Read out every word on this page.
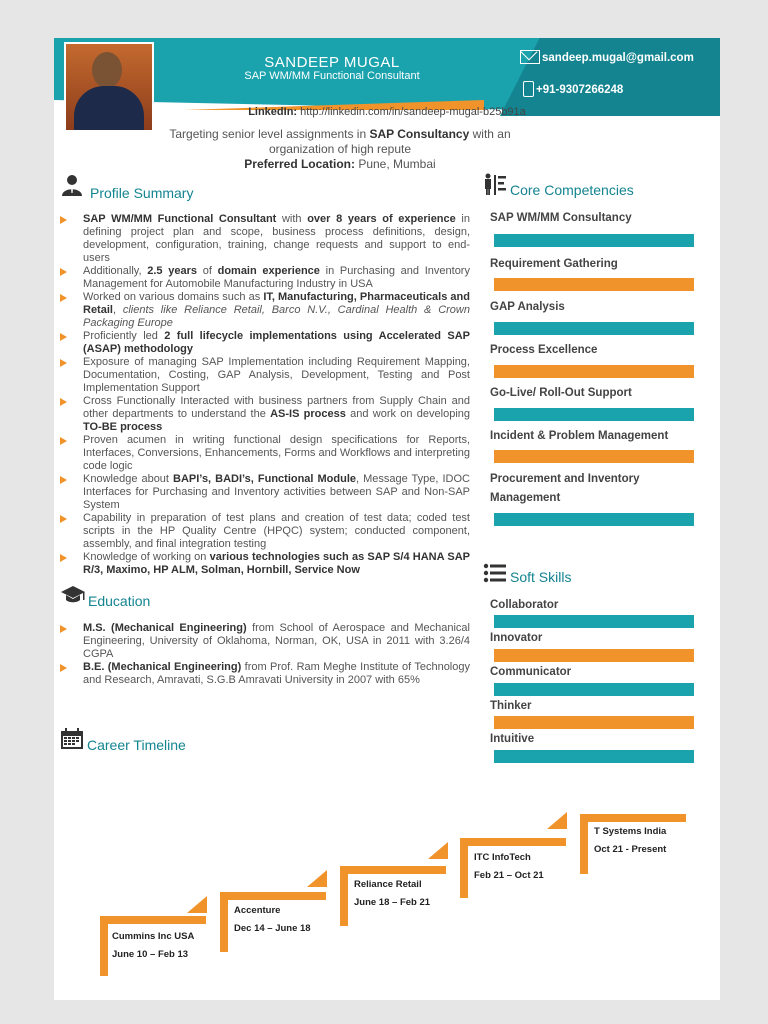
SANDEEP MUGAL
SAP WM/MM Functional Consultant
sandeep.mugal@gmail.com
+91-9307266248
LinkedIn: http://linkedin.com/in/sandeep-mugal-b25b91a
Targeting senior level assignments in SAP Consultancy with an organization of high repute
Preferred Location: Pune, Mumbai
Profile Summary
SAP WM/MM Functional Consultant with over 8 years of experience in defining project plan and scope, business process definitions, design, development, configuration, training, change requests and support to end-users
Additionally, 2.5 years of domain experience in Purchasing and Inventory Management for Automobile Manufacturing Industry in USA
Worked on various domains such as IT, Manufacturing, Pharmaceuticals and Retail, clients like Reliance Retail, Barco N.V., Cardinal Health & Crown Packaging Europe
Proficiently led 2 full lifecycle implementations using Accelerated SAP (ASAP) methodology
Exposure of managing SAP Implementation including Requirement Mapping, Documentation, Costing, GAP Analysis, Development, Testing and Post Implementation Support
Cross Functionally Interacted with business partners from Supply Chain and other departments to understand the AS-IS process and work on developing TO-BE process
Proven acumen in writing functional design specifications for Reports, Interfaces, Conversions, Enhancements, Forms and Workflows and interpreting code logic
Knowledge about BAPI’s, BADI’s, Functional Module, Message Type, IDOC Interfaces for Purchasing and Inventory activities between SAP and Non-SAP System
Capability in preparation of test plans and creation of test data; coded test scripts in the HP Quality Centre (HPQC) system; conducted component, assembly, and final integration testing
Knowledge of working on various technologies such as SAP S/4 HANA SAP R/3, Maximo, HP ALM, Solman, Hornbill, Service Now
Education
M.S. (Mechanical Engineering) from School of Aerospace and Mechanical Engineering, University of Oklahoma, Norman, OK, USA in 2011 with 3.26/4 CGPA
B.E. (Mechanical Engineering) from Prof. Ram Meghe Institute of Technology and Research, Amravati, S.G.B Amravati University in 2007 with 65%
Career Timeline
Cummins Inc USA
June 10 – Feb 13
Accenture
Dec 14 – June 18
Reliance Retail
June 18 – Feb 21
ITC InfoTech
Feb 21 – Oct 21
T Systems India
Oct 21 - Present
Core Competencies
SAP WM/MM Consultancy
Requirement Gathering
GAP Analysis
Process Excellence
Go-Live/ Roll-Out Support
Incident & Problem Management
Procurement and Inventory Management
Soft Skills
Collaborator
Innovator
Communicator
Thinker
Intuitive
